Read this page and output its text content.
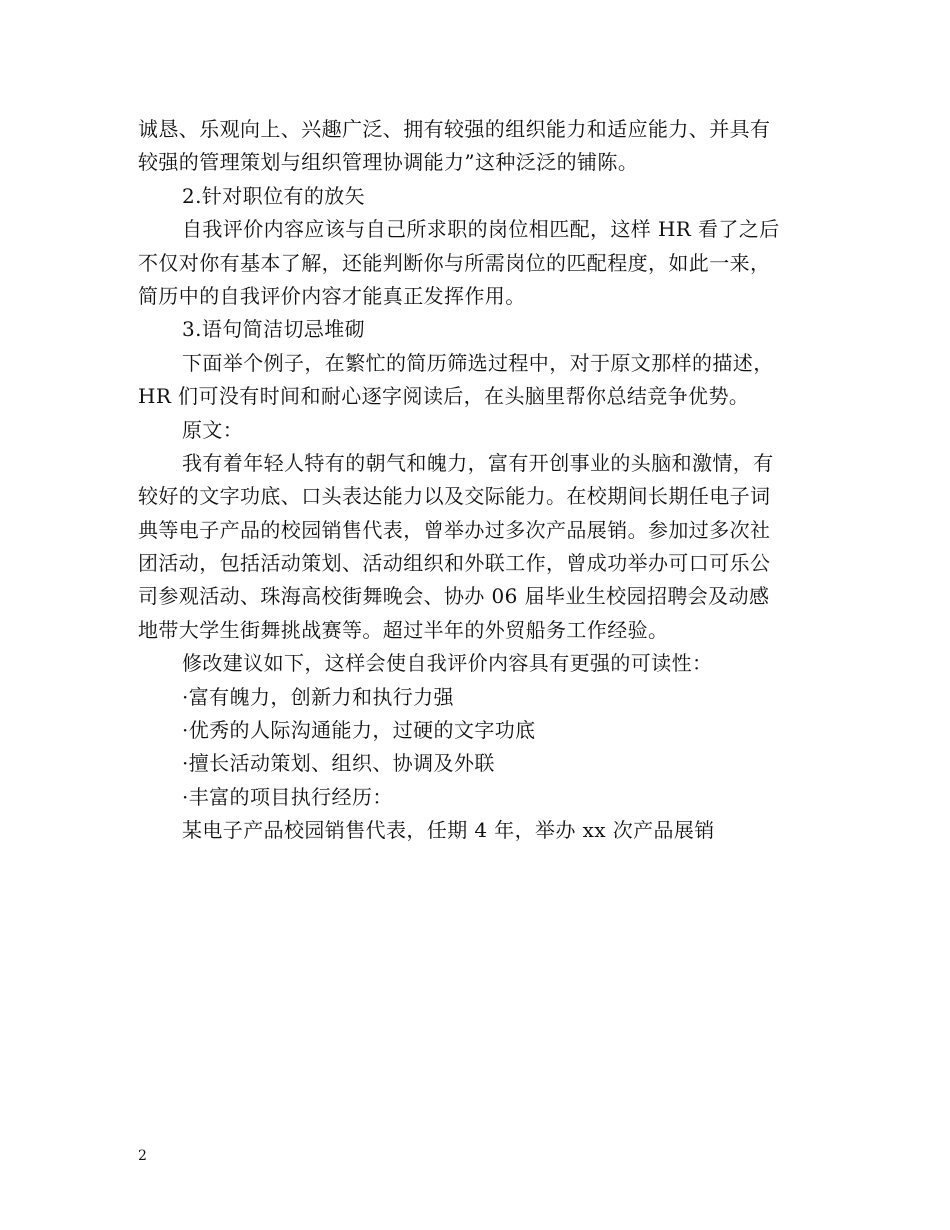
诚恳、乐观向上、兴趣广泛、拥有较强的组织能力和适应能力、并具有
较强的管理策划与组织管理协调能力”这种泛泛的铺陈。
2.针对职位有的放矢
自我评价内容应该与自己所求职的岗位相匹配，这样 HR 看了之后
不仅对你有基本了解，还能判断你与所需岗位的匹配程度，如此一来，
简历中的自我评价内容才能真正发挥作用。
3.语句简洁切忌堆砌
下面举个例子，在繁忙的简历筛选过程中，对于原文那样的描述，
HR 们可没有时间和耐心逐字阅读后，在头脑里帮你总结竞争优势。
原文：
我有着年轻人特有的朝气和魄力，富有开创事业的头脑和激情，有
较好的文字功底、口头表达能力以及交际能力。在校期间长期任电子词
典等电子产品的校园销售代表，曾举办过多次产品展销。参加过多次社
团活动，包括活动策划、活动组织和外联工作，曾成功举办可口可乐公
司参观活动、珠海高校街舞晚会、协办 06 届毕业生校园招聘会及动感
地带大学生街舞挑战赛等。超过半年的外贸船务工作经验。
修改建议如下，这样会使自我评价内容具有更强的可读性：
·富有魄力，创新力和执行力强
·优秀的人际沟通能力，过硬的文字功底
·擅长活动策划、组织、协调及外联
·丰富的项目执行经历：
某电子产品校园销售代表，任期 4 年，举办 xx 次产品展销
2
